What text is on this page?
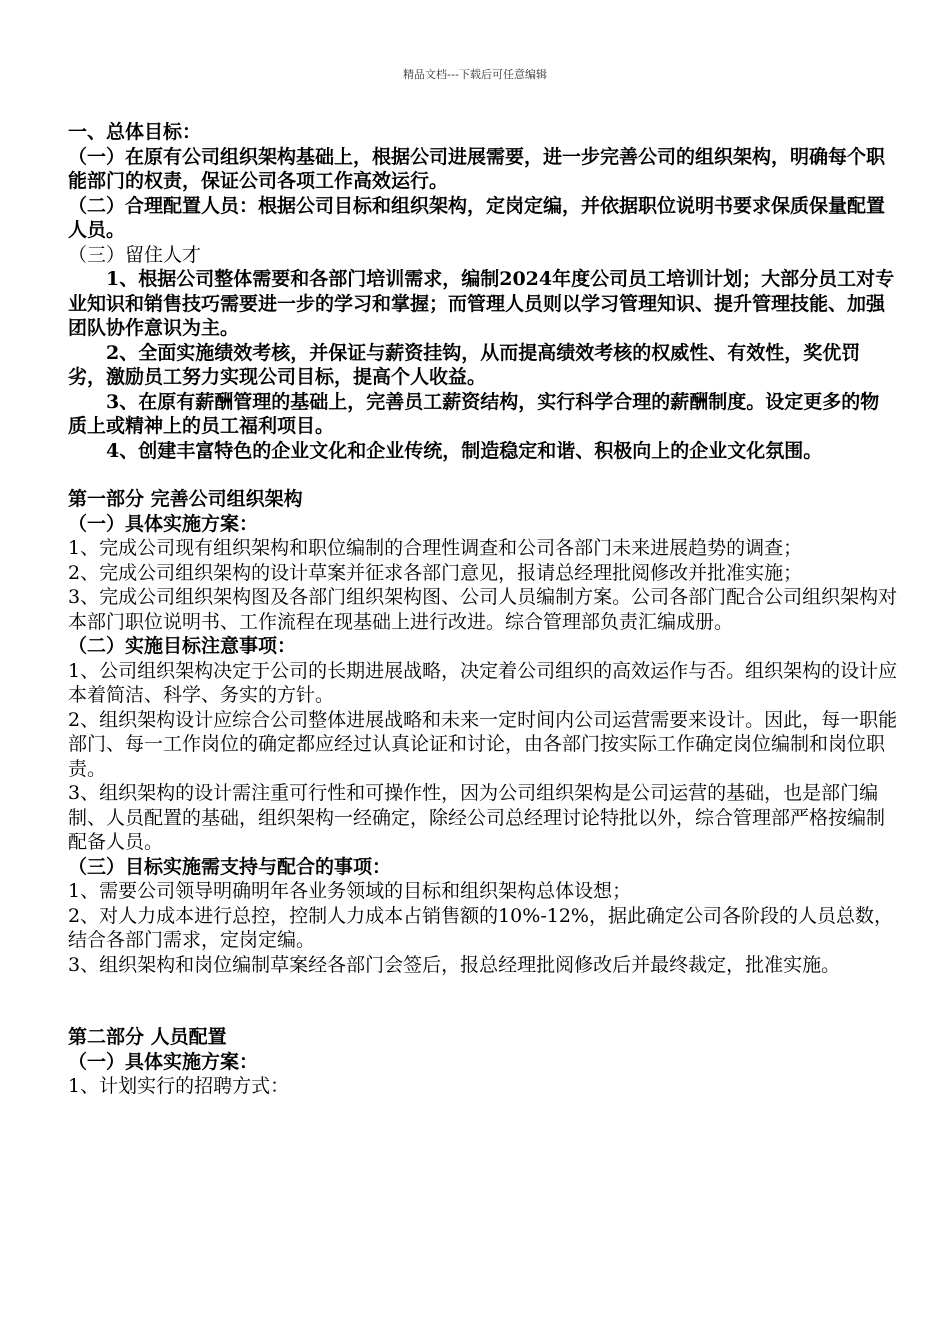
精品文档---下载后可任意编辑

一、总体目标：

（一）在原有公司组织架构基础上，根据公司进展需要，进一步完善公司的组织架构，明确每个职能部门的权责，保证公司各项工作高效运行。

（二）合理配置人员：根据公司目标和组织架构，定岗定编，并依据职位说明书要求保质保量配置人员。

（三）留住人才

1、根据公司整体需要和各部门培训需求，编制2024年度公司员工培训计划；大部分员工对专业知识和销售技巧需要进一步的学习和掌握；而管理人员则以学习管理知识、提升管理技能、加强团队协作意识为主。

2、全面实施绩效考核，并保证与薪资挂钩，从而提高绩效考核的权威性、有效性，奖优罚劣，激励员工努力实现公司目标，提高个人收益。

3、在原有薪酬管理的基础上，完善员工薪资结构，实行科学合理的薪酬制度。设定更多的物质上或精神上的员工福利项目。

4、创建丰富特色的企业文化和企业传统，制造稳定和谐、积极向上的企业文化氛围。

第一部分 完善公司组织架构

（一）具体实施方案：

1、完成公司现有组织架构和职位编制的合理性调查和公司各部门未来进展趋势的调查；

2、完成公司组织架构的设计草案并征求各部门意见，报请总经理批阅修改并批准实施；

3、完成公司组织架构图及各部门组织架构图、公司人员编制方案。公司各部门配合公司组织架构对本部门职位说明书、工作流程在现基础上进行改进。综合管理部负责汇编成册。

（二）实施目标注意事项：

1、公司组织架构决定于公司的长期进展战略，决定着公司组织的高效运作与否。组织架构的设计应本着简洁、科学、务实的方针。

2、组织架构设计应综合公司整体进展战略和未来一定时间内公司运营需要来设计。因此，每一职能部门、每一工作岗位的确定都应经过认真论证和讨论，由各部门按实际工作确定岗位编制和岗位职责。

3、组织架构的设计需注重可行性和可操作性，因为公司组织架构是公司运营的基础，也是部门编制、人员配置的基础，组织架构一经确定，除经公司总经理讨论特批以外，综合管理部严格按编制配备人员。

（三）目标实施需支持与配合的事项：

1、需要公司领导明确明年各业务领域的目标和组织架构总体设想；

2、对人力成本进行总控，控制人力成本占销售额的10%-12%，据此确定公司各阶段的人员总数，结合各部门需求，定岗定编。

3、组织架构和岗位编制草案经各部门会签后，报总经理批阅修改后并最终裁定，批准实施。

第二部分 人员配置

（一）具体实施方案：

1、计划实行的招聘方式：
